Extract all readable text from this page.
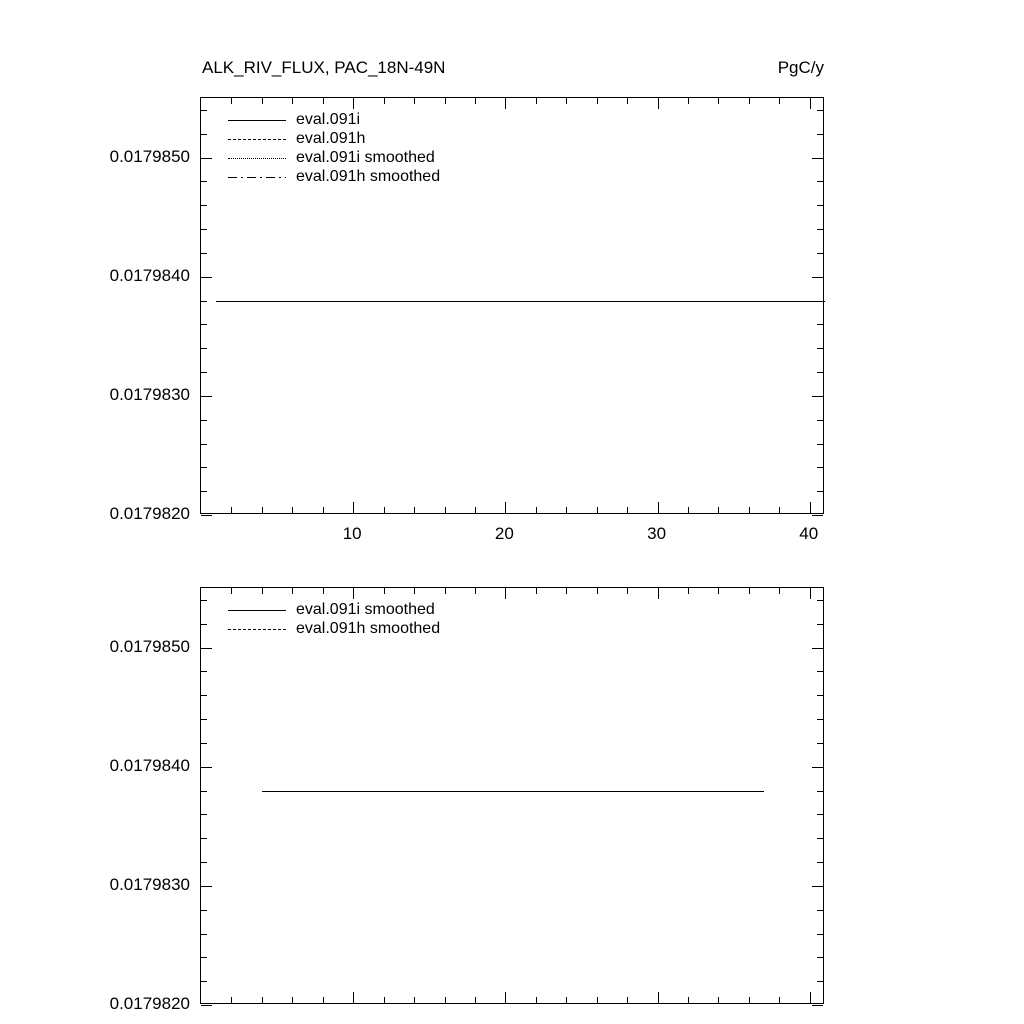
ALK_RIV_FLUX, PAC_18N-49N	PgC/y
0.0179820
0.0179830
0.0179840
0.0179850
10	20	30	40
eval.091i
eval.091h
eval.091i smoothed
eval.091h smoothed
0.0179820
0.0179830
0.0179840
0.0179850
eval.091i smoothed
eval.091h smoothed
